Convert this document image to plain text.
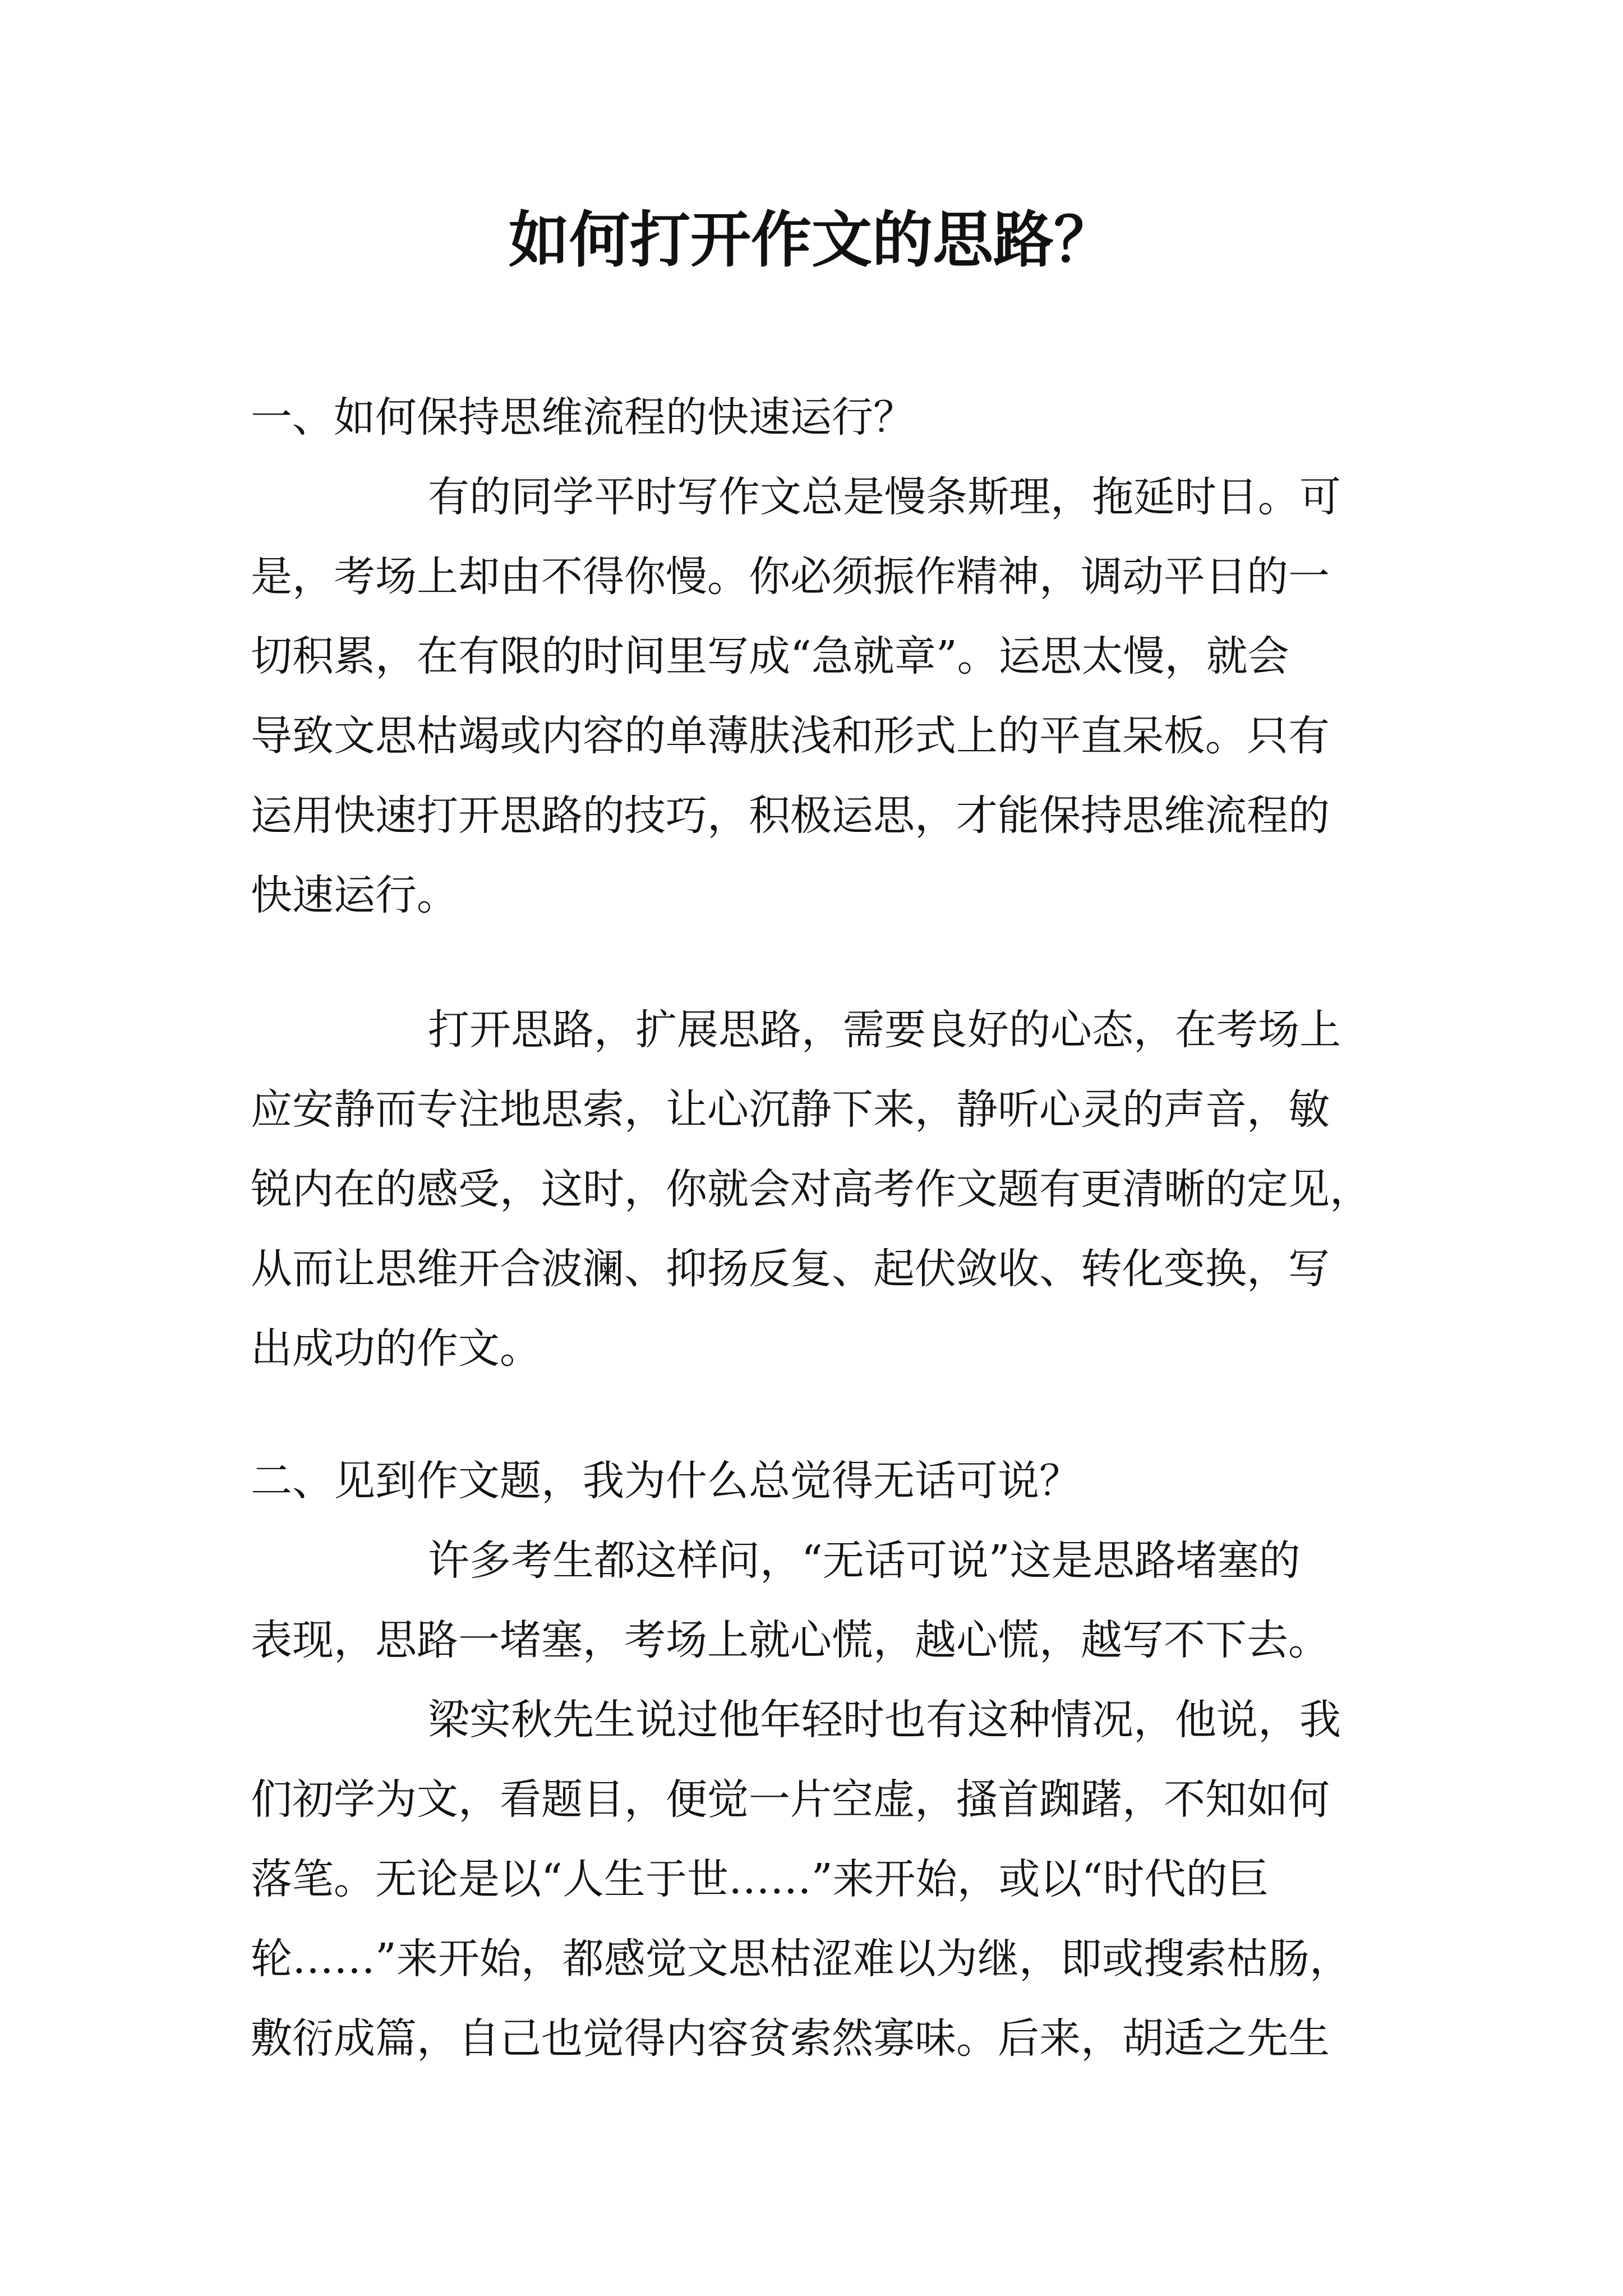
如何打开作文的思路？

一、如何保持思维流程的快速运行？

有的同学平时写作文总是慢条斯理，拖延时日。可

是，考场上却由不得你慢。你必须振作精神，调动平日的一

切积累，在有限的时间里写成“急就章”。运思太慢，就会

导致文思枯竭或内容的单薄肤浅和形式上的平直呆板。只有

运用快速打开思路的技巧，积极运思，才能保持思维流程的

快速运行。

打开思路，扩展思路，需要良好的心态，在考场上

应安静而专注地思索，让心沉静下来，静听心灵的声音，敏

锐内在的感受，这时，你就会对高考作文题有更清晰的定见，

从而让思维开合波澜、抑扬反复、起伏敛收、转化变换，写

出成功的作文。

二、见到作文题，我为什么总觉得无话可说？

许多考生都这样问，“无话可说”这是思路堵塞的

表现，思路一堵塞，考场上就心慌，越心慌，越写不下去。

梁实秋先生说过他年轻时也有这种情况，他说，我

们初学为文，看题目，便觉一片空虚，搔首踟躇，不知如何

落笔。无论是以“人生于世……”来开始，或以“时代的巨

轮……”来开始，都感觉文思枯涩难以为继，即或搜索枯肠，

敷衍成篇，自己也觉得内容贫索然寡味。后来，胡适之先生
